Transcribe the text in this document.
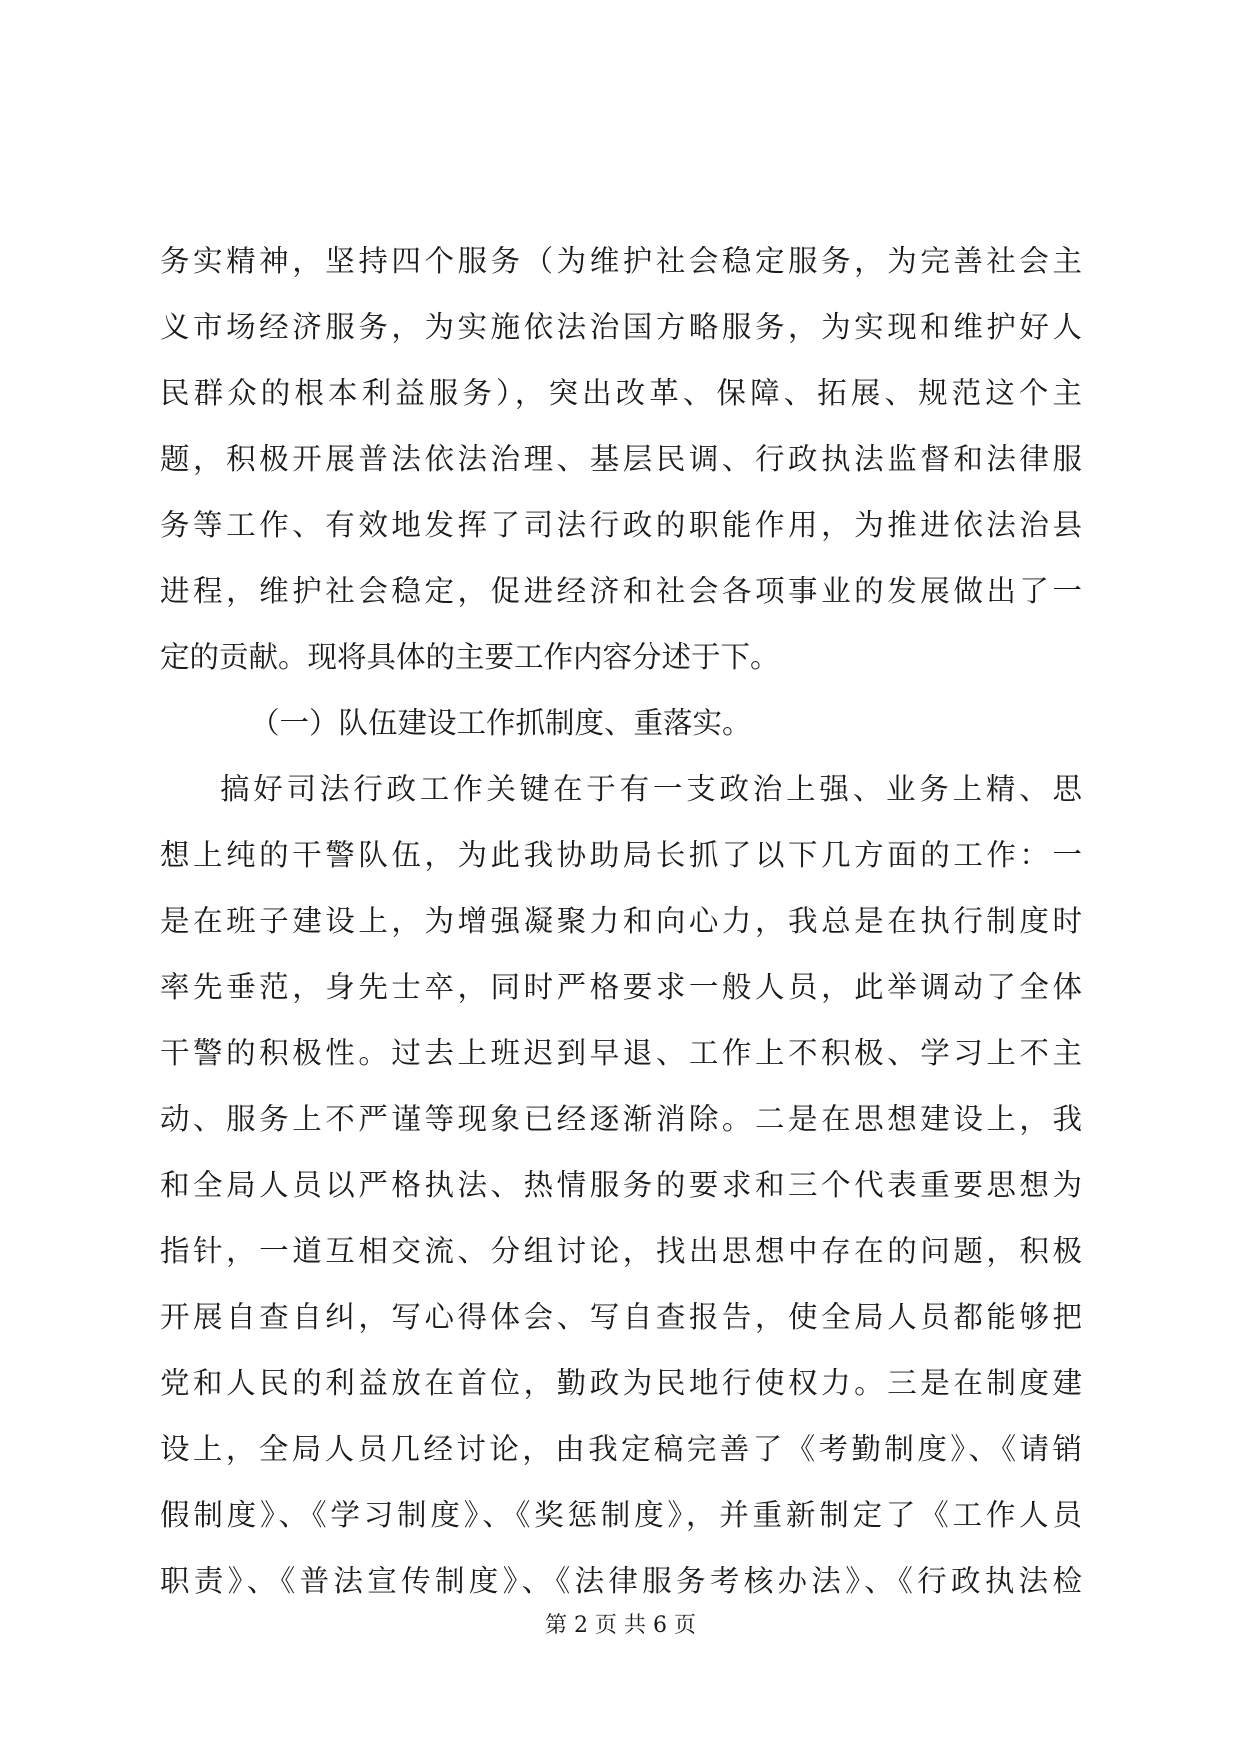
务实精神，坚持四个服务（为维护社会稳定服务，为完善社会主
义市场经济服务，为实施依法治国方略服务，为实现和维护好人
民群众的根本利益服务），突出改革、保障、拓展、规范这个主
题，积极开展普法依法治理、基层民调、行政执法监督和法律服
务等工作、有效地发挥了司法行政的职能作用，为推进依法治县
进程，维护社会稳定，促进经济和社会各项事业的发展做出了一
定的贡献。现将具体的主要工作内容分述于下。
（一）队伍建设工作抓制度、重落实。
搞好司法行政工作关键在于有一支政治上强、业务上精、思
想上纯的干警队伍，为此我协助局长抓了以下几方面的工作：一
是在班子建设上，为增强凝聚力和向心力，我总是在执行制度时
率先垂范，身先士卒，同时严格要求一般人员，此举调动了全体
干警的积极性。过去上班迟到早退、工作上不积极、学习上不主
动、服务上不严谨等现象已经逐渐消除。二是在思想建设上，我
和全局人员以严格执法、热情服务的要求和三个代表重要思想为
指针，一道互相交流、分组讨论，找出思想中存在的问题，积极
开展自查自纠，写心得体会、写自查报告，使全局人员都能够把
党和人民的利益放在首位，勤政为民地行使权力。三是在制度建
设上，全局人员几经讨论，由我定稿完善了《考勤制度》、《请销
假制度》、《学习制度》、《奖惩制度》，并重新制定了《工作人员
职责》、《普法宣传制度》、《法律服务考核办法》、《行政执法检
第 2 页 共 6 页
